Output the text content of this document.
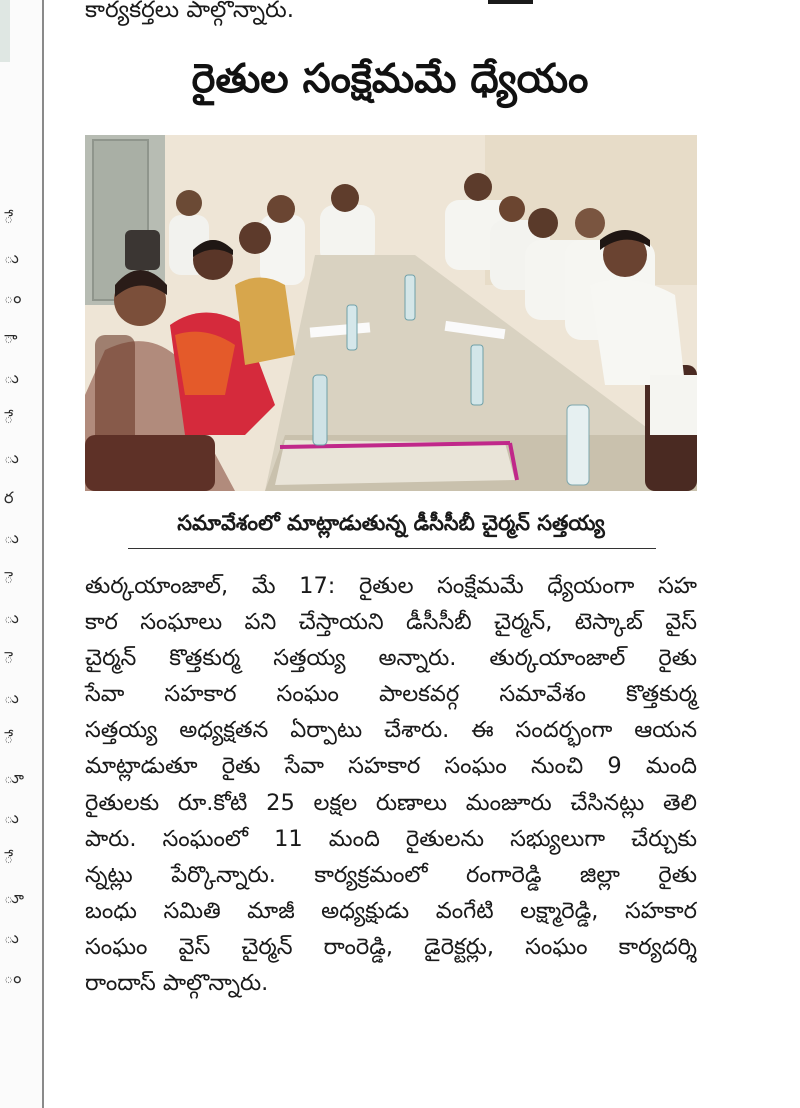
ే
ు
ం
ా
ు
ే
ు
ర
ు
ె
ు
ె
ు
ే
ూ
ు
ే
ూ
ు
ం
కార్యకర్తలు పాల్గొన్నారు.
రైతుల సంక్షేమమే ధ్యేయం
సమావేశంలో మాట్లాడుతున్న డీసీసీబీ చైర్మన్ సత్తయ్య
తుర్కయాంజాల్, మే 17: రైతుల సంక్షేమమే ధ్యేయంగా సహ
కార సంఘాలు పని చేస్తాయని డీసీసీబీ చైర్మన్, టెస్కాబ్ వైస్
చైర్మన్ కొత్తకుర్మ సత్తయ్య అన్నారు. తుర్కయాంజాల్ రైతు
సేవా సహకార సంఘం పాలకవర్గ సమావేశం కొత్తకుర్మ
సత్తయ్య అధ్యక్షతన ఏర్పాటు చేశారు. ఈ సందర్భంగా ఆయన
మాట్లాడుతూ రైతు సేవా సహకార సంఘం నుంచి 9 మంది
రైతులకు రూ.కోటి 25 లక్షల రుణాలు మంజూరు చేసినట్లు తెలి
పారు. సంఘంలో 11 మంది రైతులను సభ్యులుగా చేర్చుకు
న్నట్లు పేర్కొన్నారు. కార్యక్రమంలో రంగారెడ్డి జిల్లా రైతు
బంధు సమితి మాజీ అధ్యక్షుడు వంగేటి లక్ష్మారెడ్డి, సహకార
సంఘం వైస్ చైర్మన్ రాంరెడ్డి, డైరెక్టర్లు, సంఘం కార్యదర్శి
రాందాస్ పాల్గొన్నారు.
